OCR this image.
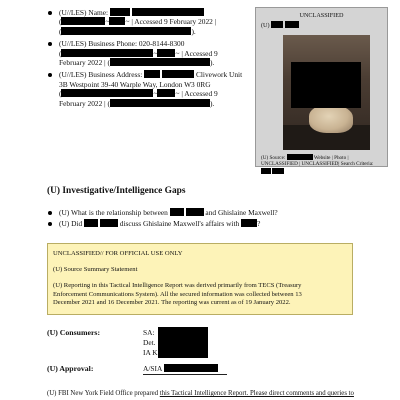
(U//LES) Name:
(	~ ~ | Accessed 9 February 2022 |
(	).
(U//LES) Business Phone: 020-8144-8300
(	~ ~ | Accessed 9
February 2022 | (	).
(U//LES) Business Address:	Clivework Unit
3B Westpoint 39-40 Warple Way, London W3 0RG
(	~ ~ | Accessed 9
February 2022 | (	).
UNCLASSIFIED
(U)
(U) Source:	Website | Photo |
UNCLASSIFIED | UNCLASSIFIED| Search Criteria:

(U) Investigative/Intelligence Gaps
(U) What is the relationship between	and Ghislaine Maxwell?
(U) Did	discuss Ghislaine Maxwell's affairs with ?

UNCLASSIFIED// FOR OFFICIAL USE ONLY

(U) Source Summary Statement

(U) Reporting in this Tactical Intelligence Report was derived primarily from TECS (Treasury

Enforcement Communications System). All the secured information was collected between 13

December 2021 and 16 December 2021. The reporting was current as of 19 January 2022.

(U) Consumers:	SA:
Det.
IA K
(U) Approval:	A/SIA
(U) FBI New York Field Office prepared this Tactical Intelligence Report. Please direct comments and queries to
